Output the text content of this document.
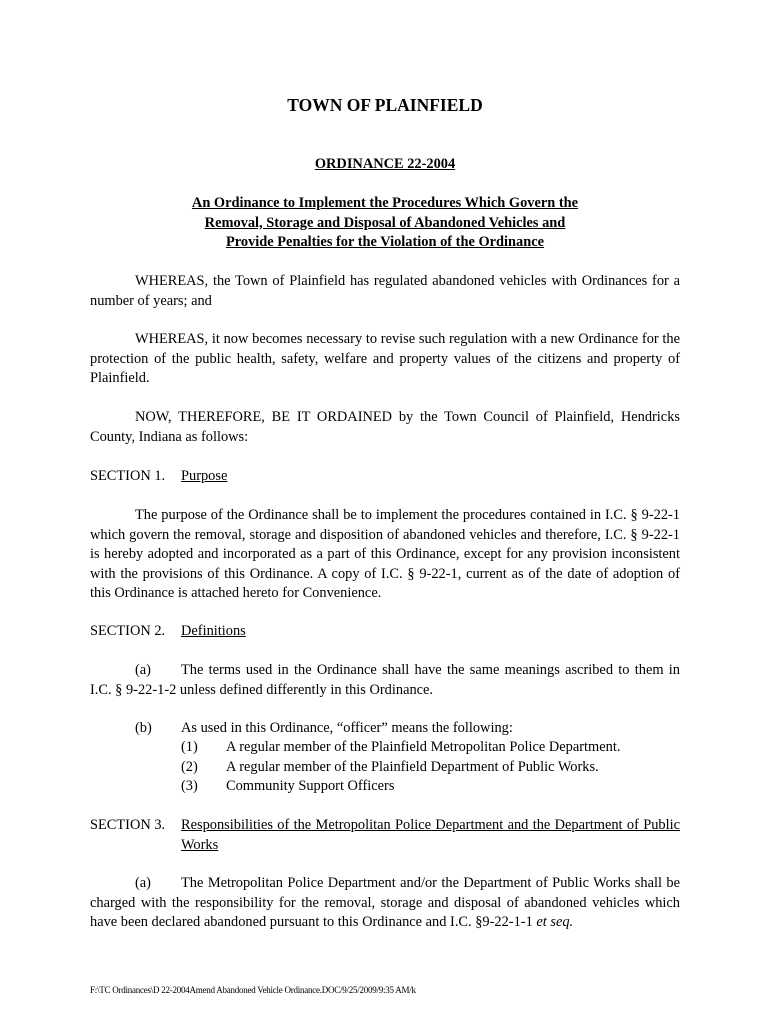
TOWN OF PLAINFIELD
ORDINANCE 22-2004
An Ordinance to Implement the Procedures Which Govern the
Removal, Storage and Disposal of Abandoned Vehicles and
Provide Penalties for the Violation of the Ordinance
WHEREAS, the Town of Plainfield has regulated abandoned vehicles with Ordinances for a number of years; and
WHEREAS, it now becomes necessary to revise such regulation with a new Ordinance for the protection of the public health, safety, welfare and property values of the citizens and property of Plainfield.
NOW, THEREFORE, BE IT ORDAINED by the Town Council of Plainfield, Hendricks County, Indiana as follows:
SECTION 1. Purpose
The purpose of the Ordinance shall be to implement the procedures contained in I.C. § 9-22-1 which govern the removal, storage and disposition of abandoned vehicles and therefore, I.C. § 9-22-1 is hereby adopted and incorporated as a part of this Ordinance, except for any provision inconsistent with the provisions of this Ordinance. A copy of I.C. § 9-22-1, current as of the date of adoption of this Ordinance is attached hereto for Convenience.
SECTION 2. Definitions
(a) The terms used in the Ordinance shall have the same meanings ascribed to them in I.C. § 9-22-1-2 unless defined differently in this Ordinance.
(b) As used in this Ordinance, “officer” means the following:
(1) A regular member of the Plainfield Metropolitan Police Department.
(2) A regular member of the Plainfield Department of Public Works.
(3) Community Support Officers
SECTION 3.	Responsibilities of the Metropolitan Police Department and the Department of Public Works
(a) The Metropolitan Police Department and/or the Department of Public Works shall be charged with the responsibility for the removal, storage and disposal of abandoned vehicles which have been declared abandoned pursuant to this Ordinance and I.C. §9-22-1-1 et seq.
F:\TC Ordinances\D 22-2004Amend Abandoned Vehicle Ordinance.DOC/9/25/2009/9:35 AM/k
